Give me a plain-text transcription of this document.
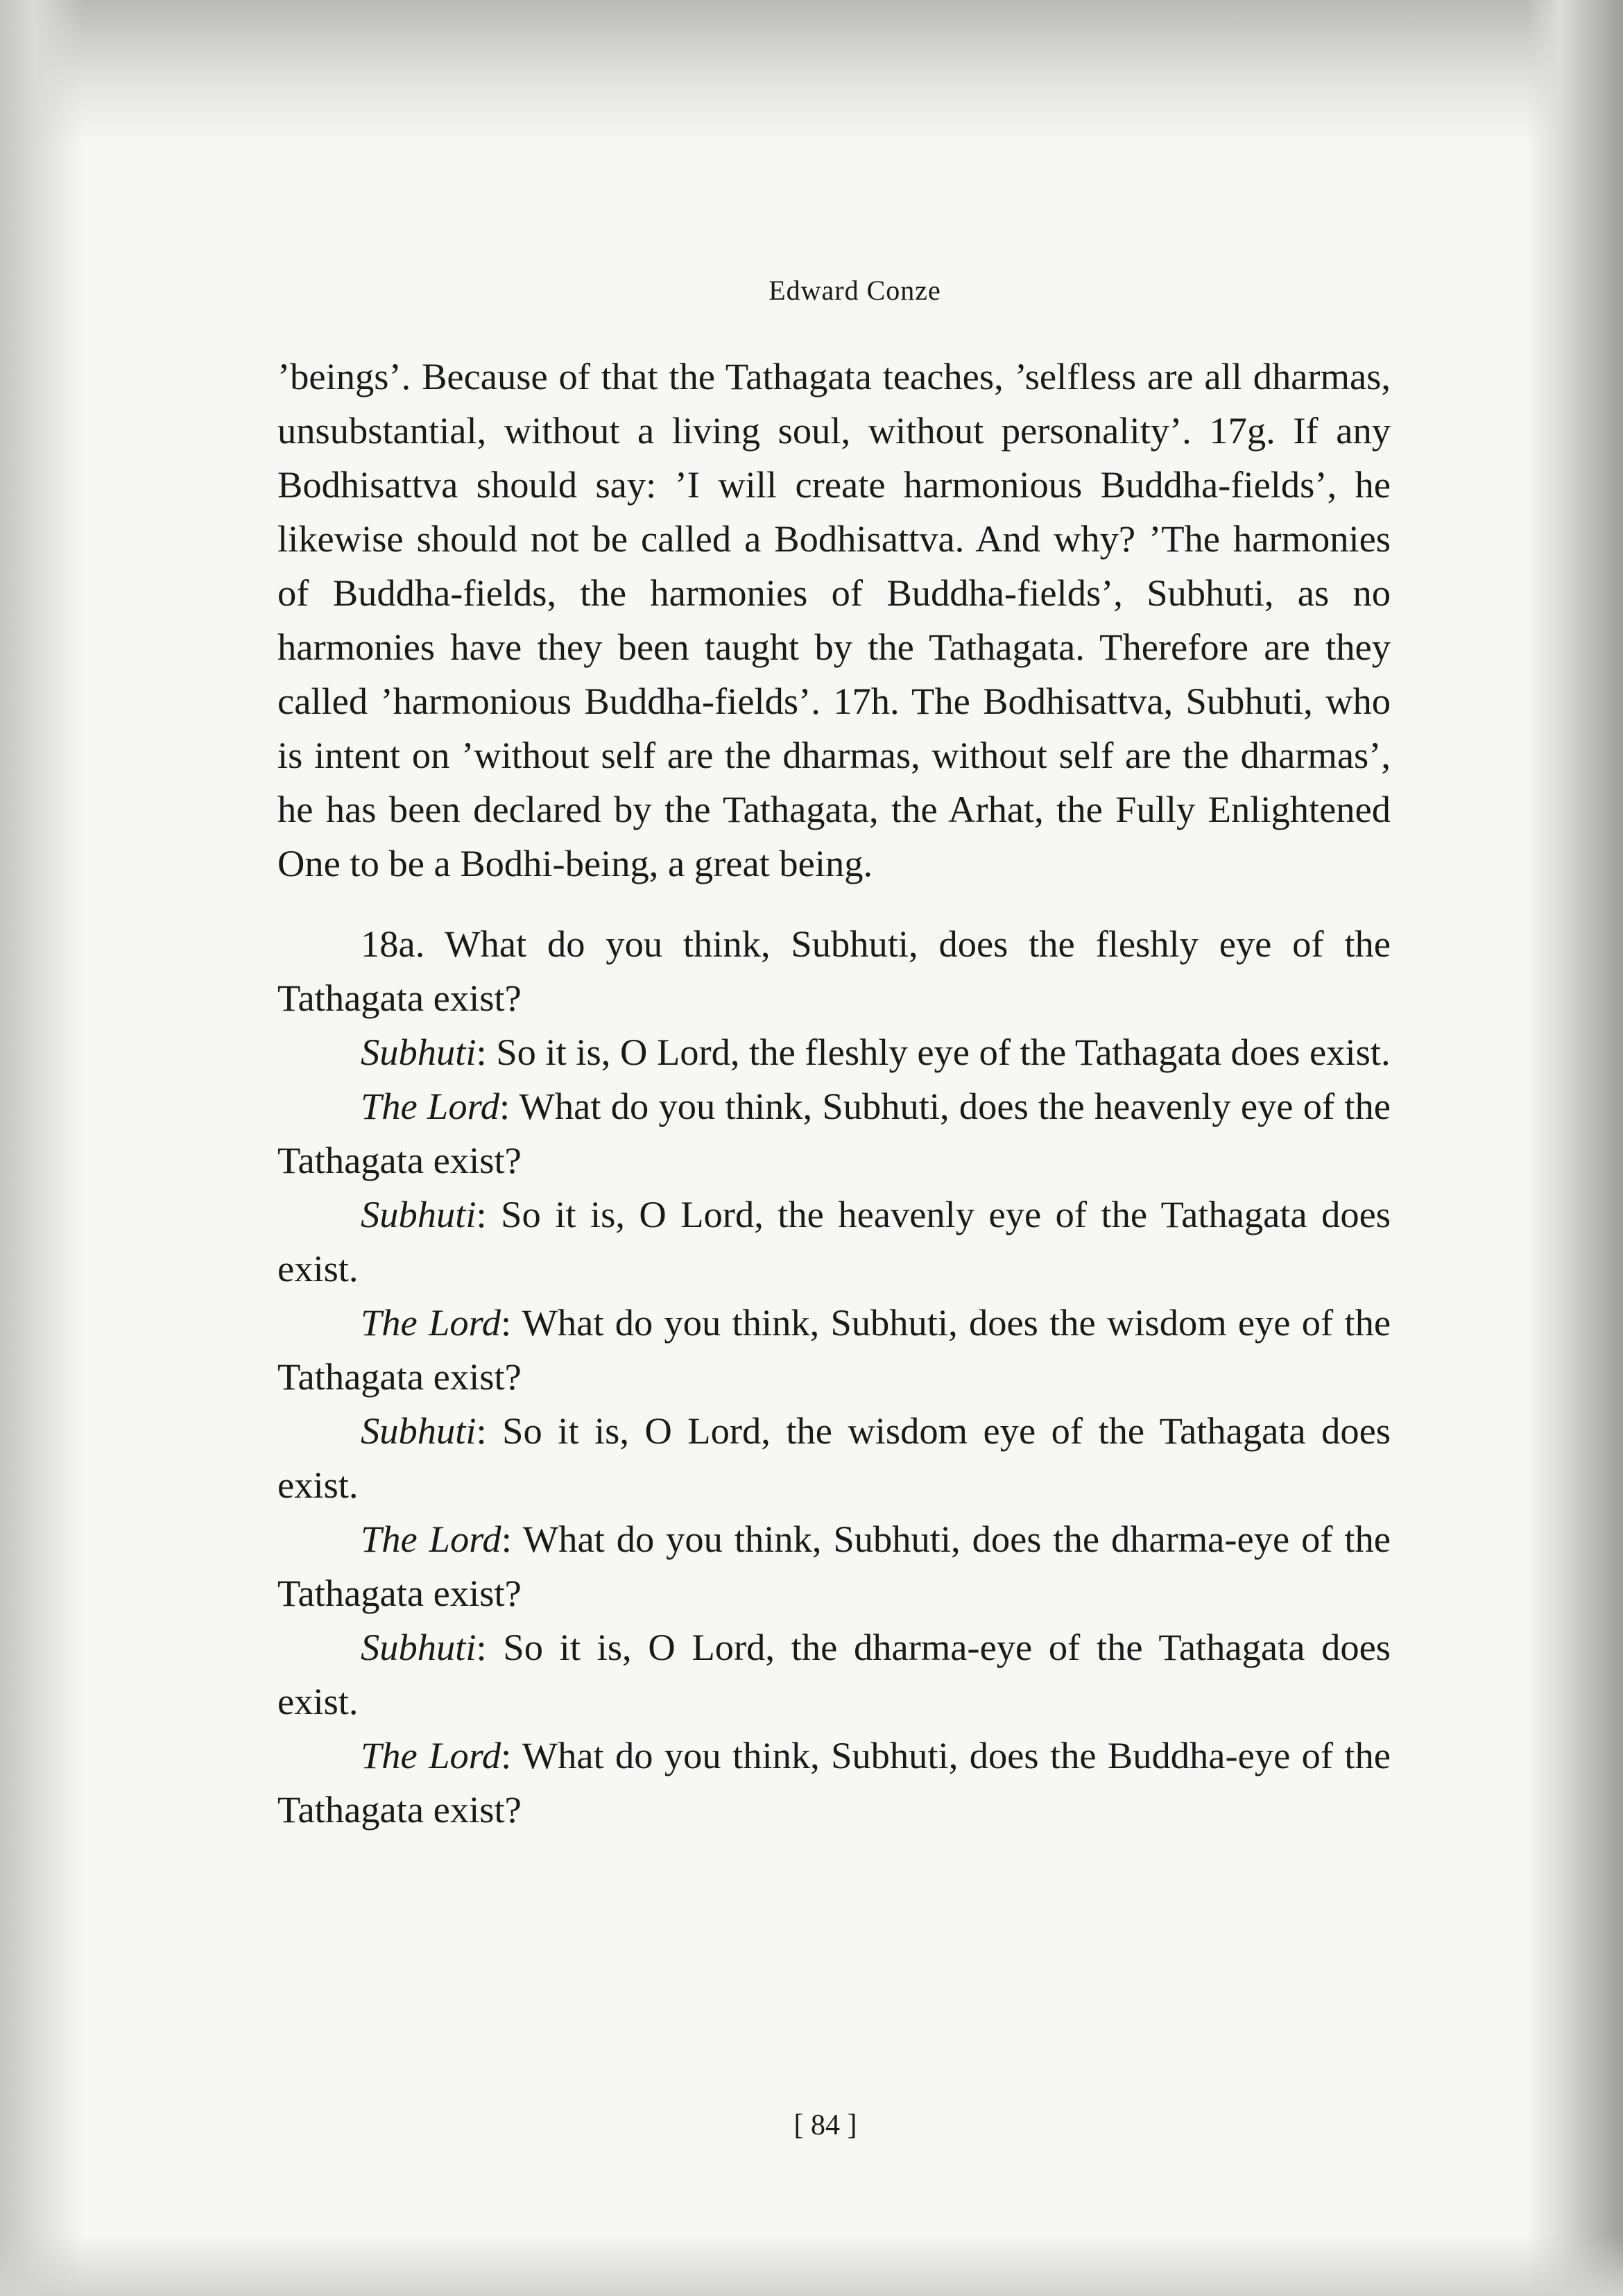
Edward Conze

’beings’. Because of that the Tathagata teaches, ’selfless are all dharmas, unsubstantial, without a living soul, without personality’. 17g. If any Bodhisattva should say: ’I will create harmonious Buddha-fields’, he likewise should not be called a Bodhisattva. And why? ’The harmonies of Buddha-fields, the harmonies of Buddha-fields’, Subhuti, as no harmonies have they been taught by the Tathagata. Therefore are they called ’harmonious Buddha-fields’. 17h. The Bodhisattva, Subhuti, who is intent on ’without self are the dharmas, without self are the dharmas’, he has been declared by the Tathagata, the Arhat, the Fully Enlightened One to be a Bodhi-being, a great being.

18a. What do you think, Subhuti, does the fleshly eye of the Tathagata exist?

Subhuti: So it is, O Lord, the fleshly eye of the Tathagata does exist.

The Lord: What do you think, Subhuti, does the heavenly eye of the Tathagata exist?

Subhuti: So it is, O Lord, the heavenly eye of the Tathagata does exist.

The Lord: What do you think, Subhuti, does the wisdom eye of the Tathagata exist?

Subhuti: So it is, O Lord, the wisdom eye of the Tathagata does exist.

The Lord: What do you think, Subhuti, does the dharma-eye of the Tathagata exist?

Subhuti: So it is, O Lord, the dharma-eye of the Tathagata does exist.

The Lord: What do you think, Subhuti, does the Buddha-eye of the Tathagata exist?

[ 84 ]
